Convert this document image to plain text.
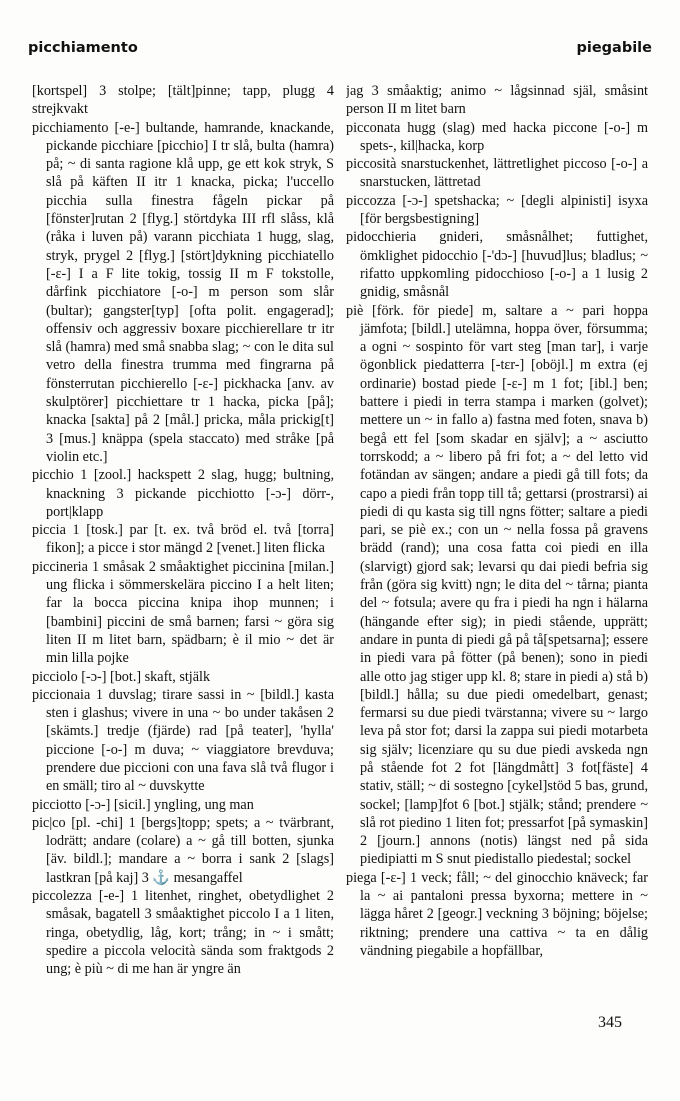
picchiamento	piegabile

[kortspel] 3 stolpe; [tält]pinne; tapp, plugg 4 strejkvakt

picchiamento [-e-] bultande, hamrande, knackande, pickande picchiare [picchio] I tr slå, bulta (hamra) på; ~ di santa ragione klå upp, ge ett kok stryk, S slå på käften II itr 1 knacka, picka; l'uccello picchia sulla finestra fågeln pickar på [fönster]rutan 2 [flyg.] störtdyka III rfl slåss, klå (råka i luven på) varann picchiata 1 hugg, slag, stryk, prygel 2 [flyg.] [stört]dykning picchiatello [-ε-] I a F lite tokig, tossig II m F tokstolle, dårfink picchiatore [-o-] m person som slår (bultar); gangster[typ] [ofta polit. engagerad]; offensiv och aggressiv boxare picchierellare tr itr slå (hamra) med små snabba slag; ~ con le dita sul vetro della finestra trumma med fingrarna på fönsterrutan picchierello [-ε-] pickhacka [anv. av skulptörer] picchiettare tr 1 hacka, picka [på]; knacka [sakta] på 2 [mål.] pricka, måla prickig[t] 3 [mus.] knäppa (spela staccato) med stråke [på violin etc.]

picchio 1 [zool.] hackspett 2 slag, hugg; bultning, knackning 3 pickande picchiotto [-ɔ-] dörr-, port|klapp

piccia 1 [tosk.] par [t. ex. två bröd el. två [torra] fikon]; a picce i stor mängd 2 [venet.] liten flicka

piccineria 1 småsak 2 småaktighet piccinina [milan.] ung flicka i sömmerskelära piccino I a helt liten; far la bocca piccina knipa ihop munnen; i [bambini] piccini de små barnen; farsi ~ göra sig liten II m litet barn, spädbarn; è il mio ~ det är min lilla pojke

picciolo [-ɔ-] [bot.] skaft, stjälk

piccionaia 1 duvslag; tirare sassi in ~ [bildl.] kasta sten i glashus; vivere in una ~ bo under takåsen 2 [skämts.] tredje (fjärde) rad [på teater], 'hylla' piccione [-o-] m duva; ~ viaggiatore brevduva; prendere due piccioni con una fava slå två flugor i en smäll; tiro al ~ duvskytte

picciotto [-ɔ-] [sicil.] yngling, ung man

pic|co [pl. -chi] 1 [bergs]topp; spets; a ~ tvärbrant, lodrätt; andare (colare) a ~ gå till botten, sjunka [äv. bildl.]; mandare a ~ borra i sank 2 [slags] lastkran [på kaj] 3 ⚓ mesangaffel

piccolezza [-e-] 1 litenhet, ringhet, obetydlighet 2 småsak, bagatell 3 småaktighet piccolo I a 1 liten, ringa, obetydlig, låg, kort; trång; in ~ i smått; spedire a piccola velocità sända som fraktgods 2 ung; è più ~ di me han är yngre än

jag 3 småaktig; animo ~ lågsinnad själ, småsint person II m litet barn

picconata hugg (slag) med hacka piccone [-o-] m spets-, kil|hacka, korp

piccosità snarstuckenhet, lättretlighet piccoso [-o-] a snarstucken, lättretad

piccozza [-ɔ-] spetshacka; ~ [degli alpinisti] isyxa [för bergsbestigning]

pidocchieria gnideri, småsnålhet; futtighet, ömklighet pidocchio [-'dɔ-] [huvud]lus; bladlus; ~ rifatto uppkomling pidocchioso [-o-] a 1 lusig 2 gnidig, småsnål

piè [förk. för piede] m, saltare a ~ pari hoppa jämfota; [bildl.] utelämna, hoppa över, försumma; a ogni ~ sospinto för vart steg [man tar], i varje ögonblick piedatterra [-tεr-] [oböjl.] m extra (ej ordinarie) bostad piede [-ε-] m 1 fot; [ibl.] ben; battere i piedi in terra stampa i marken (golvet); mettere un ~ in fallo a) fastna med foten, snava b) begå ett fel [som skadar en själv]; a ~ asciutto torrskodd; a ~ libero på fri fot; a ~ del letto vid fotändan av sängen; andare a piedi gå till fots; da capo a piedi från topp till tå; gettarsi (prostrarsi) ai piedi di qu kasta sig till ngns fötter; saltare a piedi pari, se piè ex.; con un ~ nella fossa på gravens brädd (rand); una cosa fatta coi piedi en illa (slarvigt) gjord sak; levarsi qu dai piedi befria sig från (göra sig kvitt) ngn; le dita del ~ tårna; pianta del ~ fotsula; avere qu fra i piedi ha ngn i hälarna (hängande efter sig); in piedi stående, upprätt; andare in punta di piedi gå på tå[spetsarna]; essere in piedi vara på fötter (på benen); sono in piedi alle otto jag stiger upp kl. 8; stare in piedi a) stå b) [bildl.] hålla; su due piedi omedelbart, genast; fermarsi su due piedi tvärstanna; vivere su ~ largo leva på stor fot; darsi la zappa sui piedi motarbeta sig själv; licenziare qu su due piedi avskeda ngn på stående fot 2 fot [längdmått] 3 fot[fäste] 4 stativ, ställ; ~ di sostegno [cykel]stöd 5 bas, grund, sockel; [lamp]fot 6 [bot.] stjälk; stånd; prendere ~ slå rot piedino 1 liten fot; pressarfot [på symaskin] 2 [journ.] annons (notis) längst ned på sida piedipiatti m S snut piedistallo piedestal; sockel

piega [-ε-] 1 veck; fåll; ~ del ginocchio knäveck; far la ~ ai pantaloni pressa byxorna; mettere in ~ lägga håret 2 [geogr.] veckning 3 böjning; böjelse; riktning; prendere una cattiva ~ ta en dålig vändning piegabile a hopfällbar,

345
